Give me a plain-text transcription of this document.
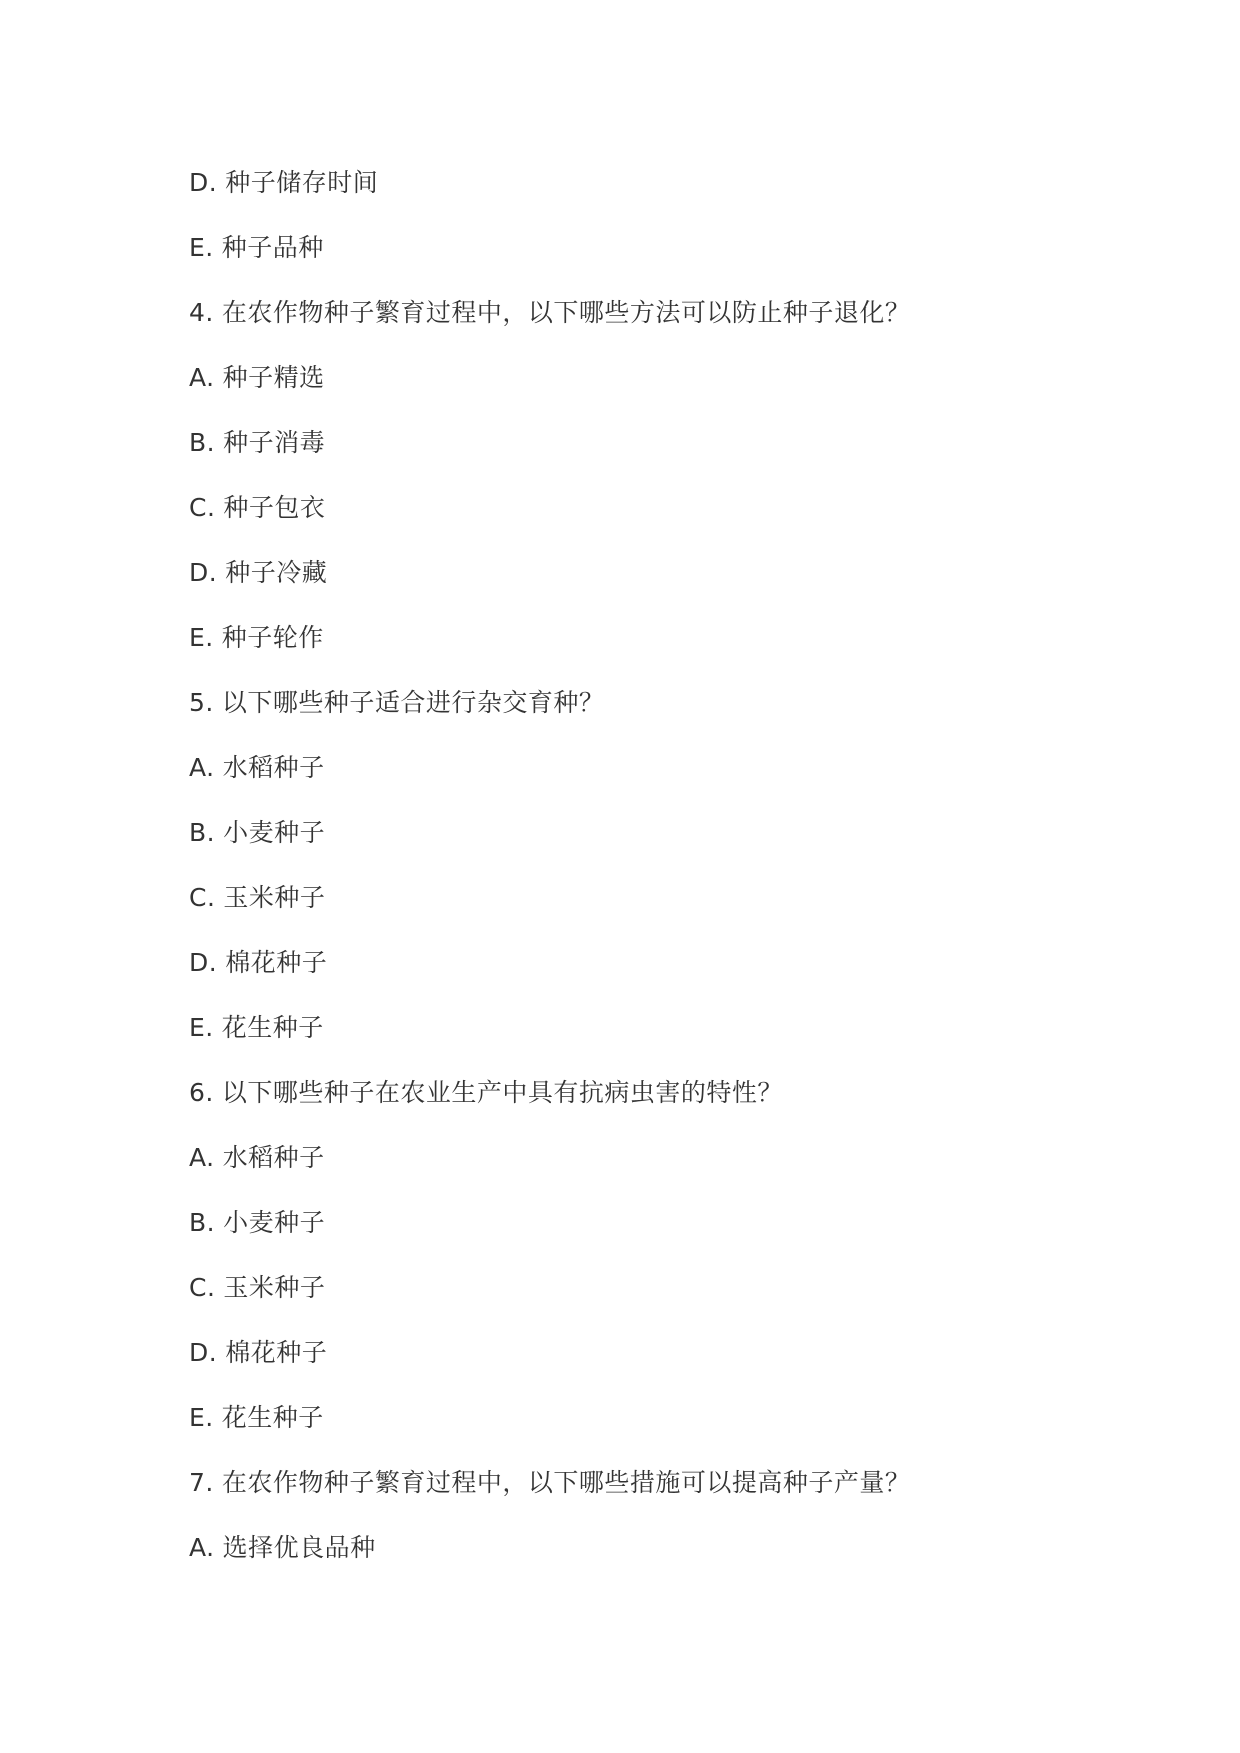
D. 种子储存时间
E. 种子品种
4. 在农作物种子繁育过程中，以下哪些方法可以防止种子退化？
A. 种子精选
B. 种子消毒
C. 种子包衣
D. 种子冷藏
E. 种子轮作
5. 以下哪些种子适合进行杂交育种？
A. 水稻种子
B. 小麦种子
C. 玉米种子
D. 棉花种子
E. 花生种子
6. 以下哪些种子在农业生产中具有抗病虫害的特性？
A. 水稻种子
B. 小麦种子
C. 玉米种子
D. 棉花种子
E. 花生种子
7. 在农作物种子繁育过程中，以下哪些措施可以提高种子产量？
A. 选择优良品种
